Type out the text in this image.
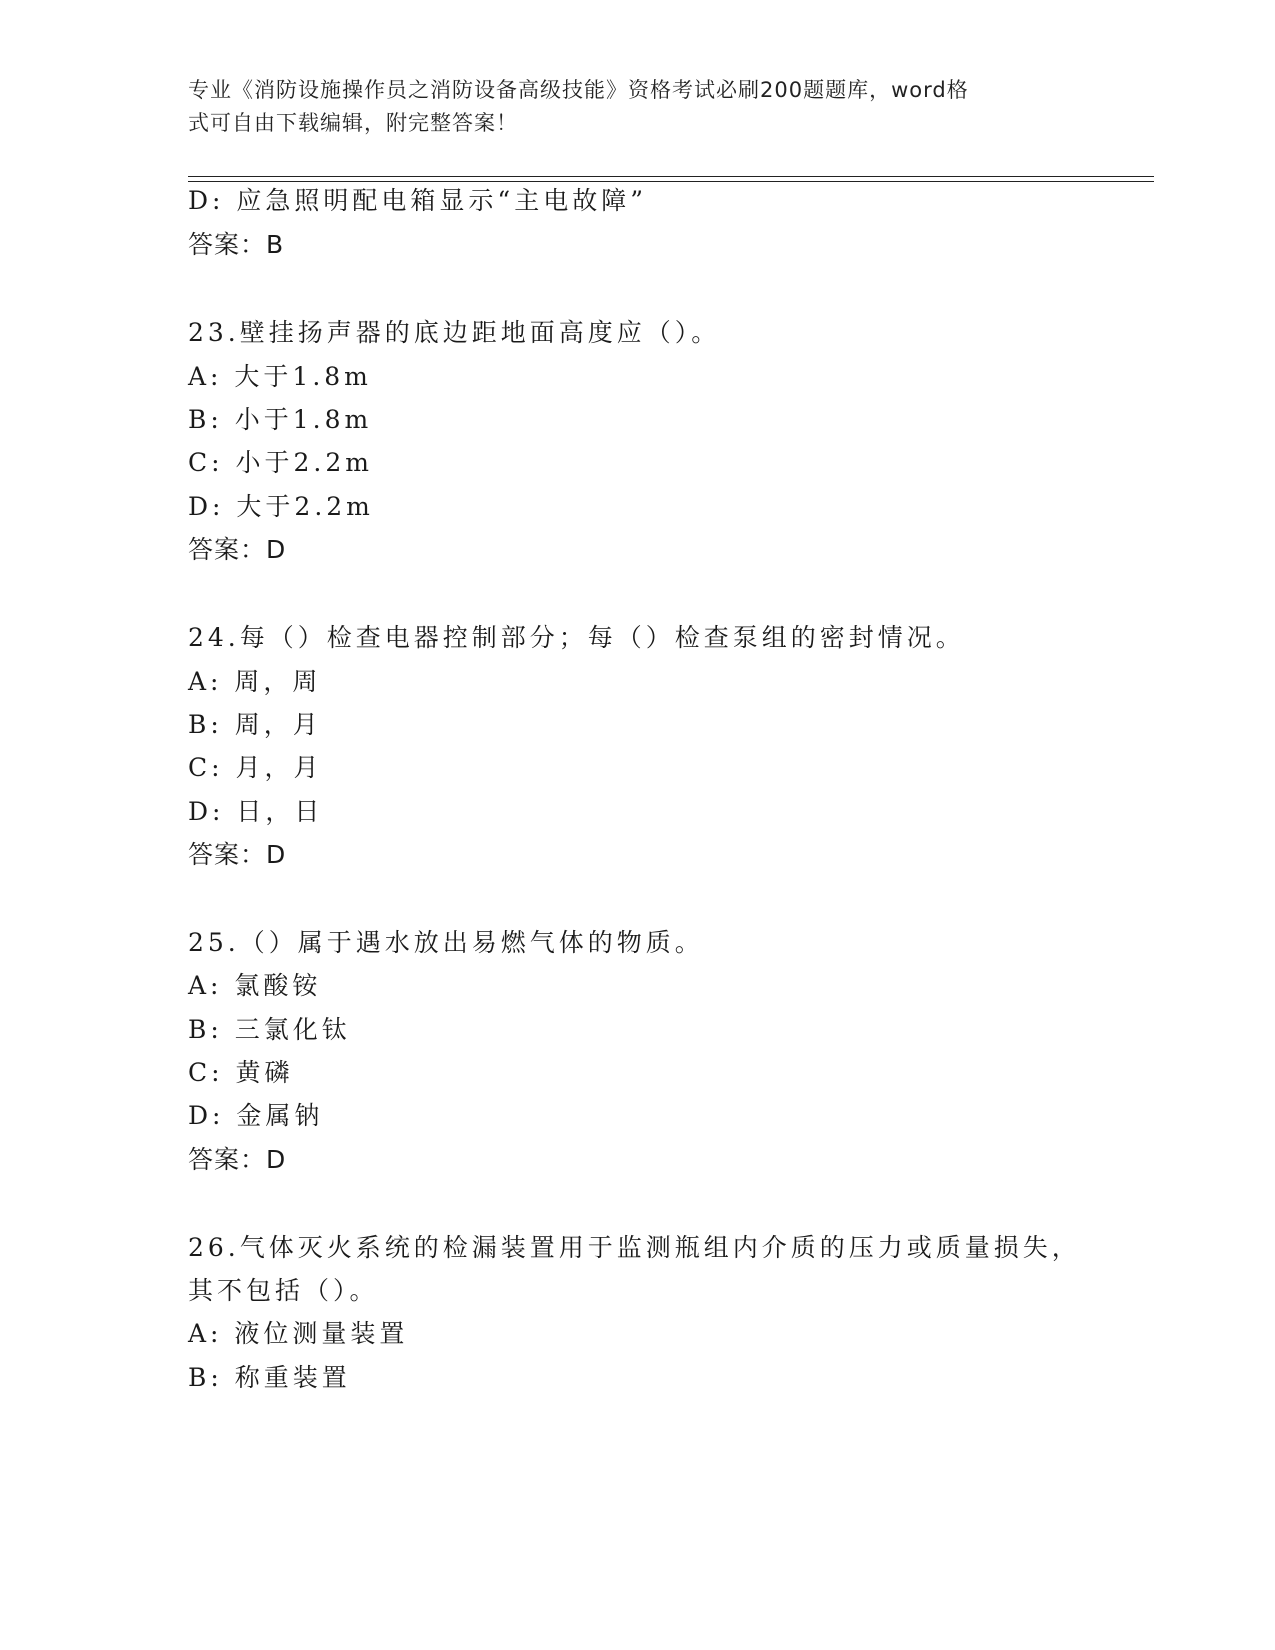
专业《消防设施操作员之消防设备高级技能》资格考试必刷200题题库，word格
式可自由下载编辑，附完整答案！
D: 应急照明配电箱显示“主电故障”
答案：B
23.壁挂扬声器的底边距地面高度应（）。
A: 大于1.8m
B: 小于1.8m
C: 小于2.2m
D: 大于2.2m
答案：D
24.每（）检查电器控制部分；每（）检查泵组的密封情况。
A: 周，周
B: 周，月
C: 月，月
D: 日，日
答案：D
25.（）属于遇水放出易燃气体的物质。
A: 氯酸铵
B: 三氯化钛
C: 黄磷
D: 金属钠
答案：D
26.气体灭火系统的检漏装置用于监测瓶组内介质的压力或质量损失，
其不包括（）。
A: 液位测量装置
B: 称重装置
